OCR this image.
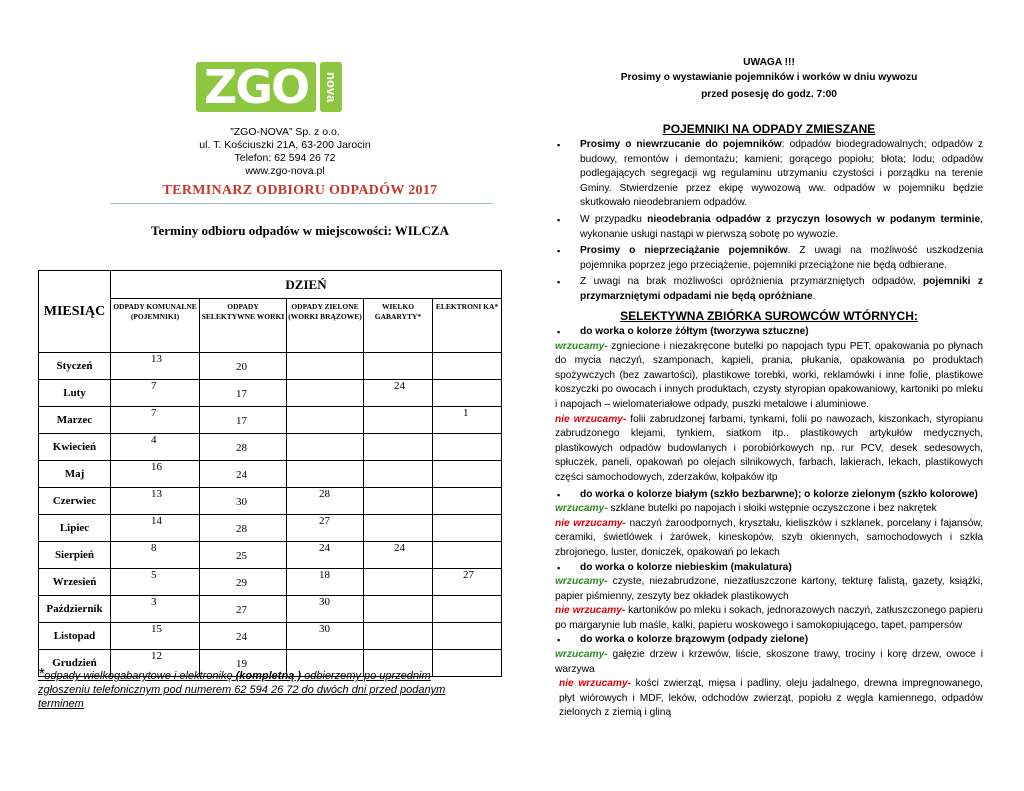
ZGO	nova
”ZGO-NOVA” Sp. z o.o.
ul. T. Kościuszki 21A, 63-200 Jarocin
Telefon: 62 594 26 72
www.zgo-nova.pl
TERMINARZ ODBIORU ODPADÓW 2017
Terminy odbioru odpadów w miejscowości: WILCZA
MIESIĄC	DZIEŃ				
	ODPADY KOMUNALNE (POJEMNIKI)	ODPADY SELEKTYWNE WORKI	ODPADY ZIELONE (WORKI BRĄZOWE)	WIELKO GABARYTY*	ELEKTRONI KA*
Styczeń	13	20			

Luty	7	17		24	

Marzec	7	17			1

Kwiecień	4	28			

Maj	16	24			

Czerwiec	13	30	28		

Lipiec	14	28	27		

Sierpień	8	25	24	24	

Wrzesień	5	29	18		27

Październik	3	27	30		

Listopad	15	24	30		

Grudzień	12	19			

*odpady wielkogabarytowe i elektronikę (kompletną ) odbierzemy po uprzednim zgłoszeniu telefonicznym pod numerem 62 594 26 72 do dwóch dni przed podanym terminem
UWAGA !!!
Prosimy o wystawianie pojemników i worków w dniu wywozu
przed posesję do godz. 7:00
POJEMNIKI NA ODPADY ZMIESZANE
▪ Prosimy o niewrzucanie do pojemników: odpadów biodegradowalnych; odpadów z budowy, remontów i demontażu; kamieni; gorącego popiołu; błota; lodu; odpadów podlegających segregacji wg regulaminu utrzymaniu czystości i porządku na terenie Gminy. Stwierdzenie przez ekipę wywozową ww. odpadów w pojemniku będzie skutkowało nieodebraniem odpadów.
▪ W przypadku nieodebrania odpadów z przyczyn losowych w podanym terminie, wykonanie usługi nastąpi w pierwszą sobotę po wywozie.
▪ Prosimy o nieprzeciążanie pojemników. Z uwagi na możliwość uszkodzenia pojemnika poprzez jego przeciążenie, pojemniki przeciążone nie będą odbierane.
▪ Z uwagi na brak możliwości opróżnienia przymarzniętych odpadów, pojemniki z przymarzniętymi odpadami nie będą opróżniane.
SELEKTYWNA ZBIÓRKA SUROWCÓW WTÓRNYCH:
▪ do worka o kolorze żółtym (tworzywa sztuczne)
wrzucamy- zgniecione i niezakręcone butelki po napojach typu PET, opakowania po płynach do mycia naczyń, szamponach, kąpieli, prania, płukania, opakowania po produktach spożywczych (bez zawartości), plastikowe torebki, worki, reklamówki i inne folie, plastikowe koszyczki po owocach i innych produktach, czysty styropian opakowaniowy, kartoniki po mleku i napojach – wielomateriałowe odpady, puszki metalowe i aluminiowe.
nie wrzucamy- folii zabrudzonej farbami, tynkami, folii po nawozach, kiszonkach, styropianu zabrudzonego klejami, tynkiem, siatkom itp.. plastikowych artykułów medycznych, plastikowych odpadów budowlanych i porobiórkowych np. rur PCV, desek sedesowych, spłuczek, paneli, opakowań po olejach silnikowych, farbach, lakierach, lekach, plastikowych części samochodowych, zderzaków, kołpaków itp
▪ do worka o kolorze białym (szkło bezbarwne); o kolorze zielonym (szkło kolorowe)
wrzucamy- szklane butelki po napojach i słoiki wstępnie oczyszczone i bez nakrętek
nie wrzucamy- naczyń żaroodpornych, kryształu, kieliszków i szklanek, porcelany i fajansów, ceramiki, świetlówek i żarówek, kineskopów, szyb okiennych, samochodowych i szkła zbrojonego, luster, doniczek, opakowań po lekach
▪ do worka o kolorze niebieskim (makulatura)
wrzucamy- czyste, niezabrudzone, niezatłuszczone kartony, tekturę falistą, gazety, książki, papier piśmienny, zeszyty bez okładek plastikowych
nie wrzucamy- kartoników po mleku i sokach, jednorazowych naczyń, zatłuszczonego papieru po margarynie lub maśle, kalki, papieru woskowego i samokopiującego, tapet, pampersów
▪ do worka o kolorze brązowym (odpady zielone)
wrzucamy- gałęzie drzew i krzewów, liście, skoszone trawy, trociny i korę drzew, owoce i warzywa
nie wrzucamy- kości zwierząt, mięsa i padliny, oleju jadalnego, drewna impregnowanego, płyt wiórowych i MDF, leków, odchodów zwierząt, popiołu z węgla kamiennego, odpadów zielonych z ziemią i gliną
